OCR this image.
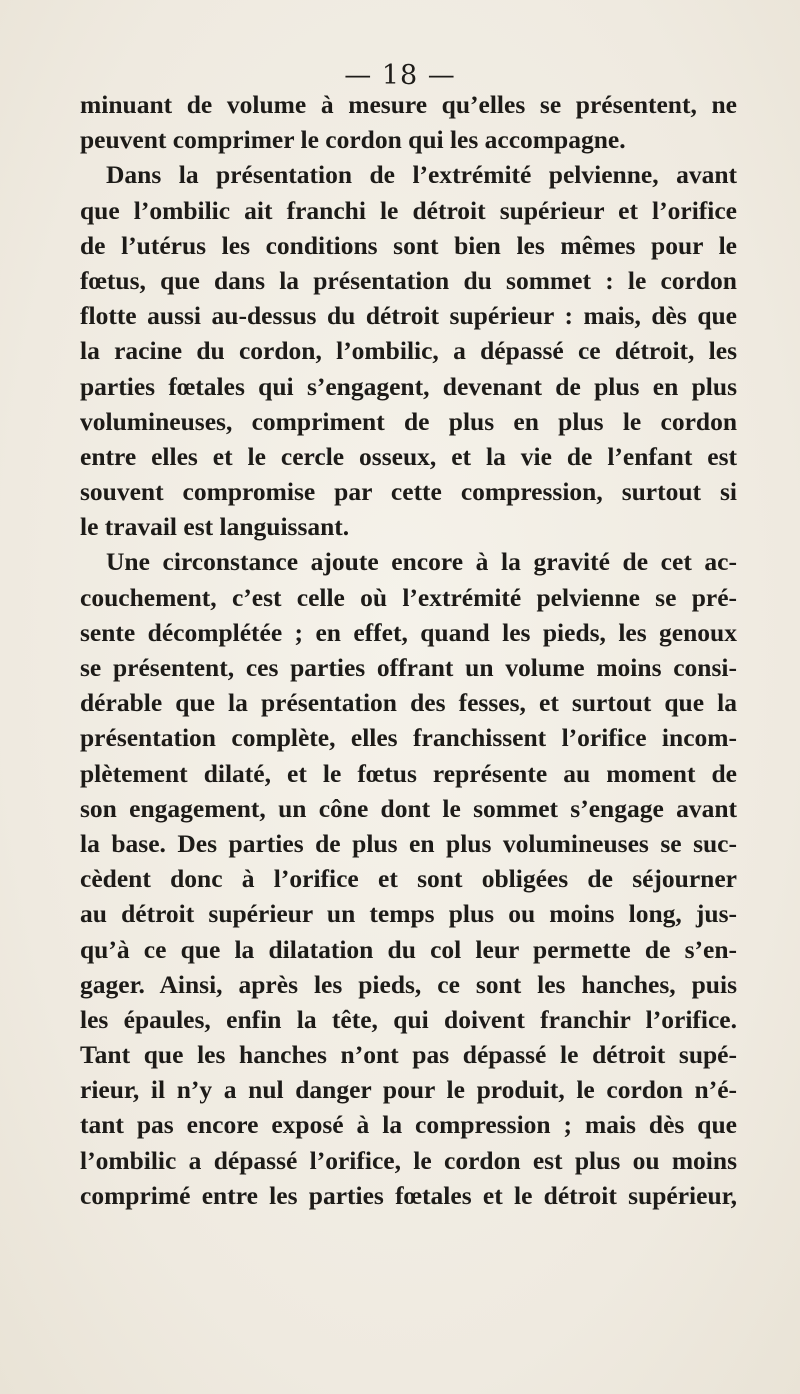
— 18 —
minuant de volume à mesure qu’elles se présentent, ne
peuvent comprimer le cordon qui les accompagne.
Dans la présentation de l’extrémité pelvienne, avant
que l’ombilic ait franchi le détroit supérieur et l’orifice
de l’utérus les conditions sont bien les mêmes pour le
fœtus, que dans la présentation du sommet : le cordon
flotte aussi au-dessus du détroit supérieur : mais, dès que
la racine du cordon, l’ombilic, a dépassé ce détroit, les
parties fœtales qui s’engagent, devenant de plus en plus
volumineuses, compriment de plus en plus le cordon
entre elles et le cercle osseux, et la vie de l’enfant est
souvent compromise par cette compression, surtout si
le travail est languissant.
Une circonstance ajoute encore à la gravité de cet ac-
couchement, c’est celle où l’extrémité pelvienne se pré-
sente décomplétée ; en effet, quand les pieds, les genoux
se présentent, ces parties offrant un volume moins consi-
dérable que la présentation des fesses, et surtout que la
présentation complète, elles franchissent l’orifice incom-
plètement dilaté, et le fœtus représente au moment de
son engagement, un cône dont le sommet s’engage avant
la base. Des parties de plus en plus volumineuses se suc-
cèdent donc à l’orifice et sont obligées de séjourner
au détroit supérieur un temps plus ou moins long, jus-
qu’à ce que la dilatation du col leur permette de s’en-
gager. Ainsi, après les pieds, ce sont les hanches, puis
les épaules, enfin la tête, qui doivent franchir l’orifice.
Tant que les hanches n’ont pas dépassé le détroit supé-
rieur, il n’y a nul danger pour le produit, le cordon n’é-
tant pas encore exposé à la compression ; mais dès que
l’ombilic a dépassé l’orifice, le cordon est plus ou moins
comprimé entre les parties fœtales et le détroit supérieur,
